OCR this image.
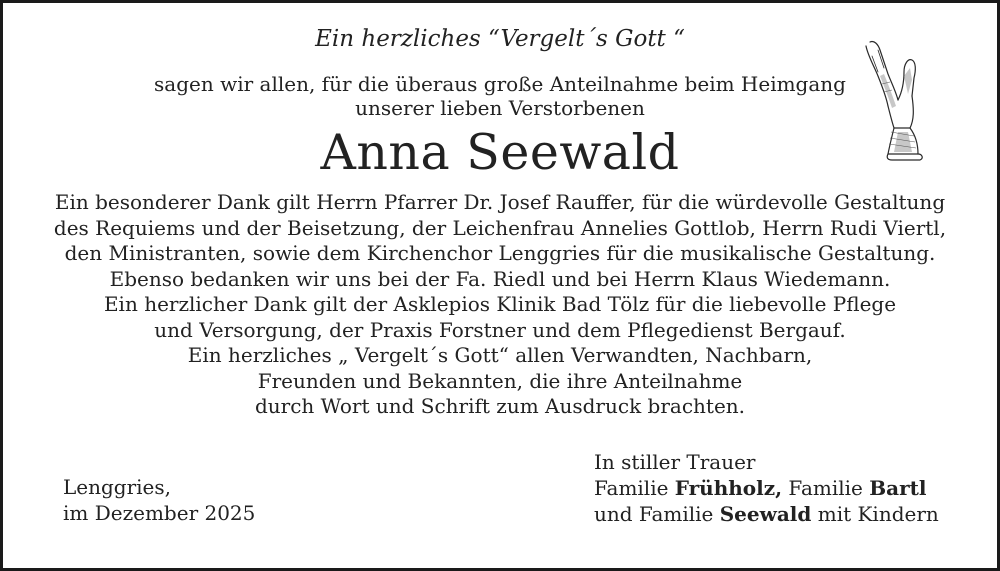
Ein herzliches “Vergelt´s Gott “
sagen wir allen, für die überaus große Anteilnahme beim Heimgang
unserer lieben Verstorbenen
Anna Seewald
Ein besonderer Dank gilt Herrn Pfarrer Dr. Josef Rauffer, für die würdevolle Gestaltung
des Requiems und der Beisetzung, der Leichenfrau Annelies Gottlob, Herrn Rudi Viertl,
den Ministranten, sowie dem Kirchenchor Lenggries für die musikalische Gestaltung.
Ebenso bedanken wir uns bei der Fa. Riedl und bei Herrn Klaus Wiedemann.
Ein herzlicher Dank gilt der Asklepios Klinik Bad Tölz für die liebevolle Pflege
und Versorgung, der Praxis Forstner und dem Pflegedienst Bergauf.
Ein herzliches „ Vergelt´s Gott“ allen Verwandten, Nachbarn,
Freunden und Bekannten, die ihre Anteilnahme
durch Wort und Schrift zum Ausdruck brachten.
Lenggries,
im Dezember 2025
In stiller Trauer
Familie Frühholz, Familie Bartl
und Familie Seewald mit Kindern
